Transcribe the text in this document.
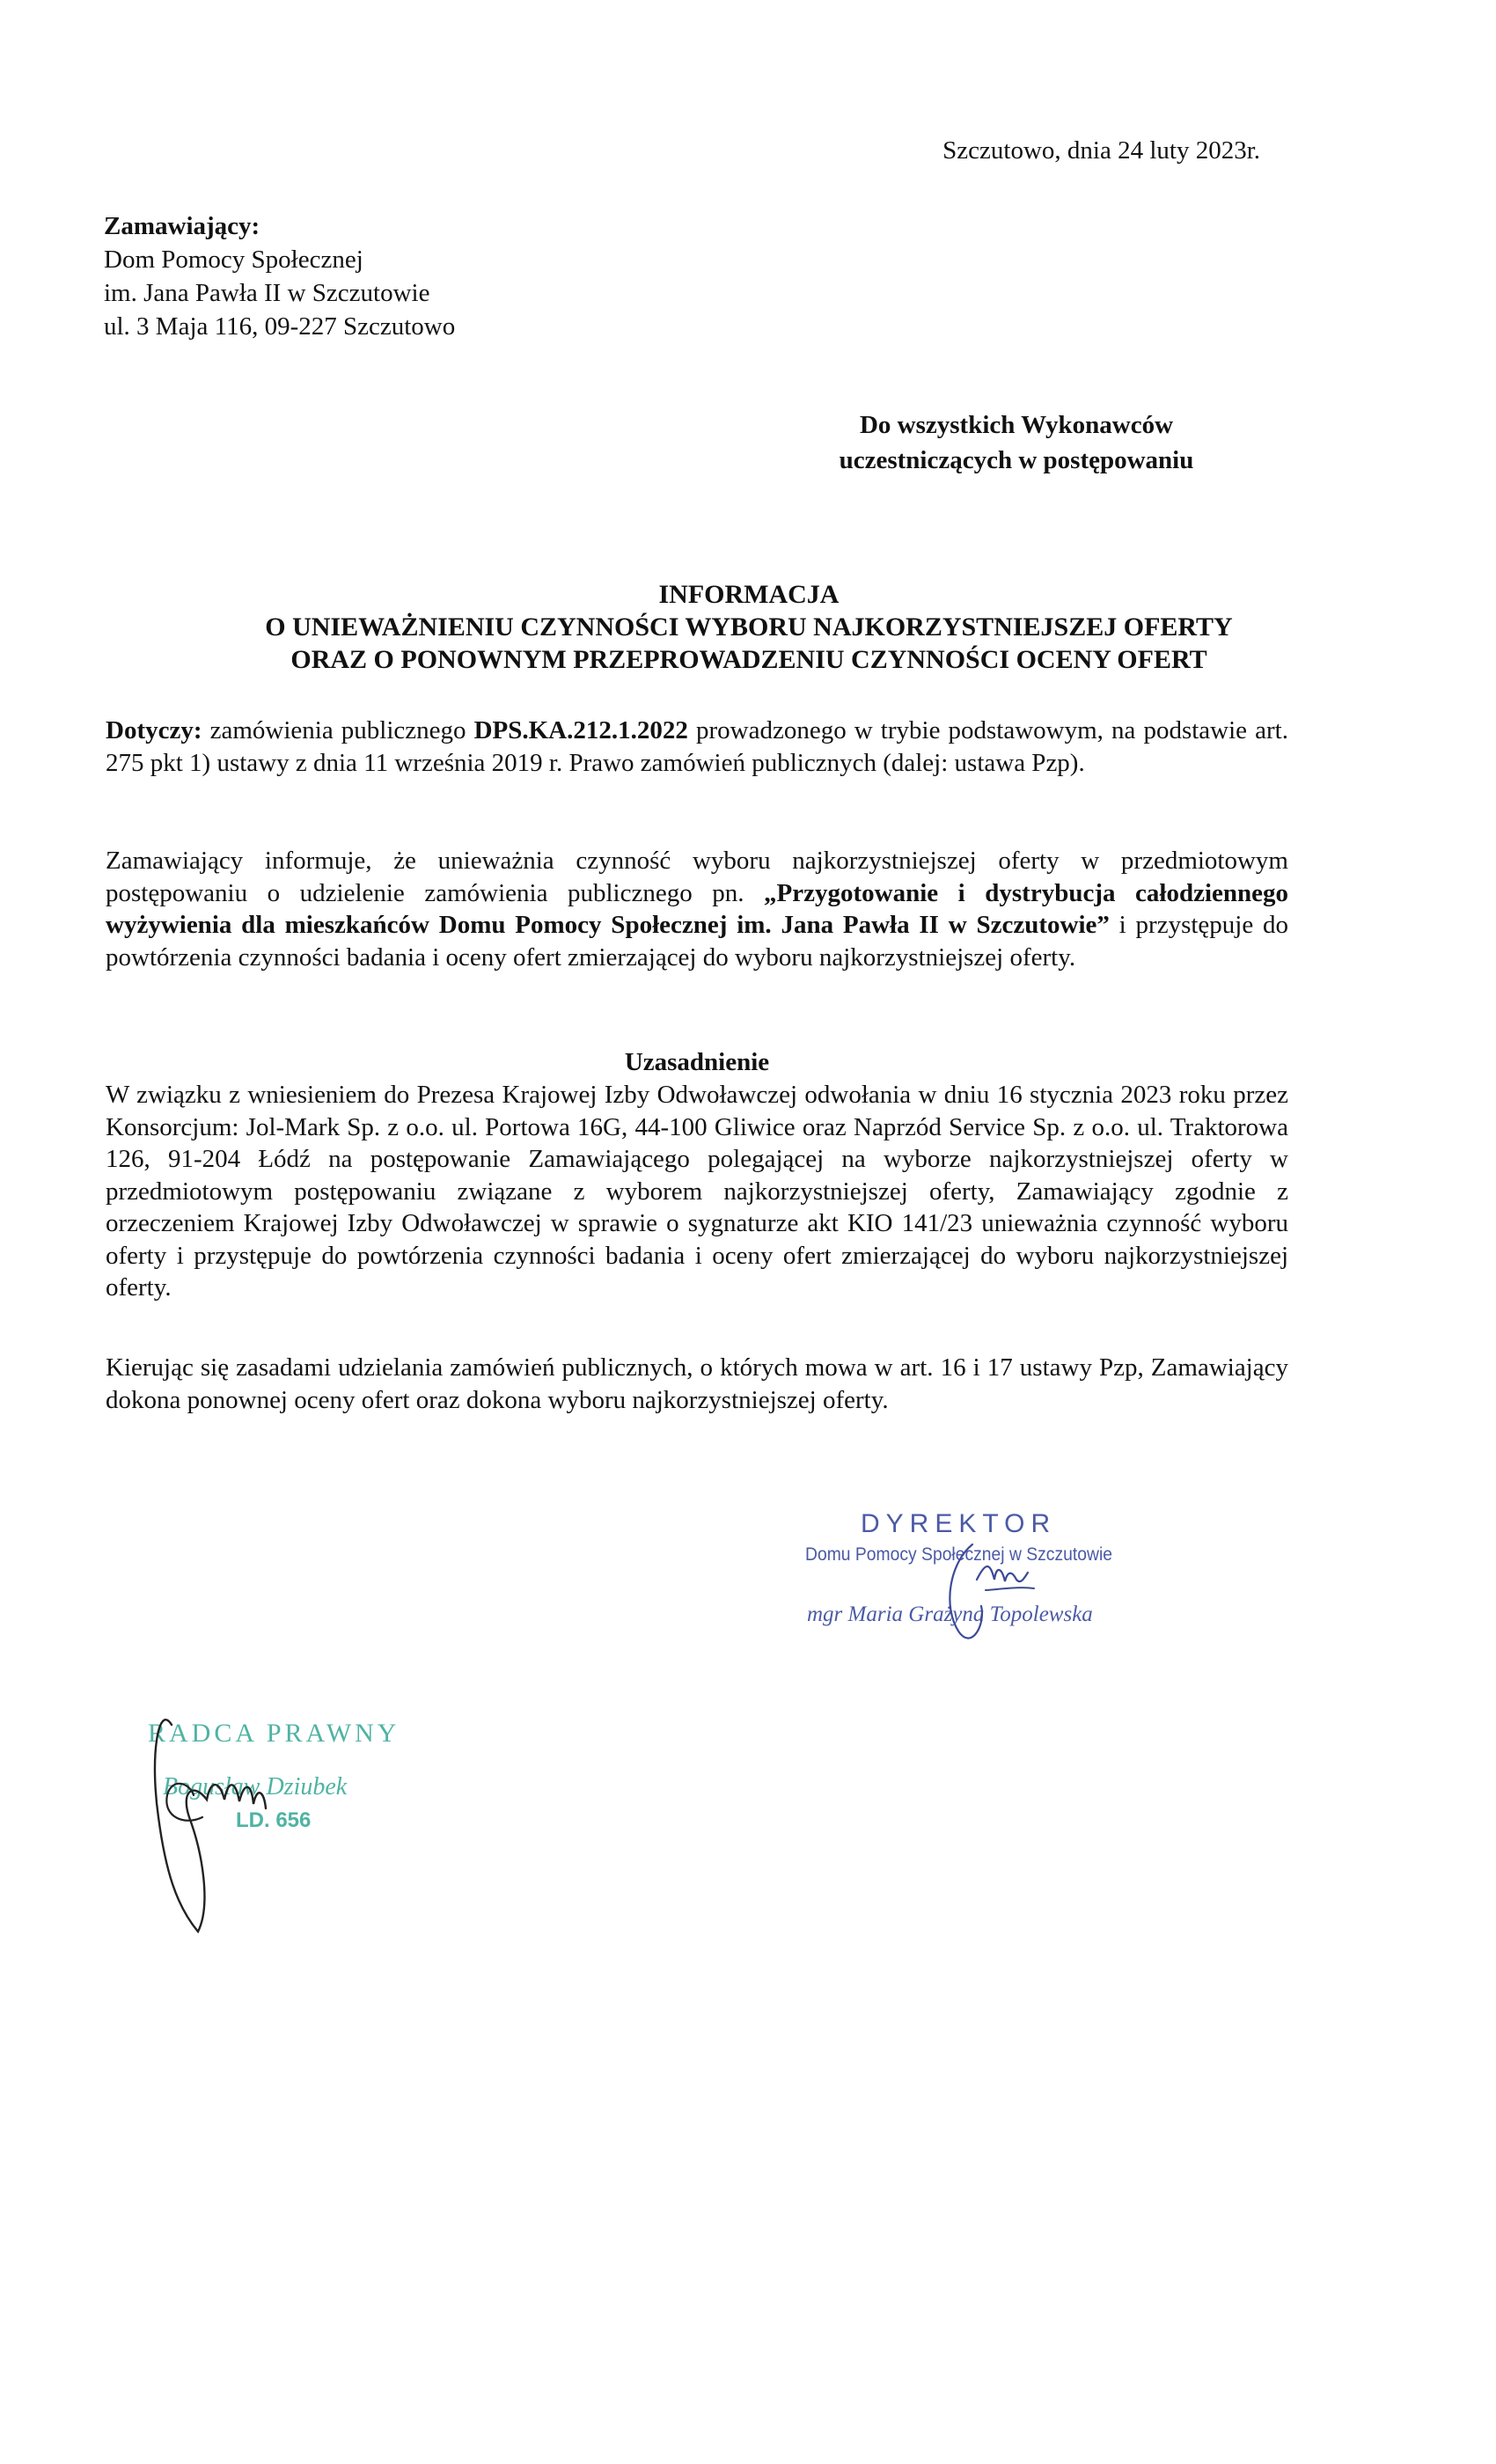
Szczutowo, dnia 24 luty 2023r.
Zamawiający:
Dom Pomocy Społecznej
im. Jana Pawła II w Szczutowie
ul. 3 Maja 116, 09-227 Szczutowo
Do wszystkich Wykonawców
uczestniczących w postępowaniu
INFORMACJA
O UNIEWAŻNIENIU CZYNNOŚCI WYBORU NAJKORZYSTNIEJSZEJ OFERTY
ORAZ O PONOWNYM PRZEPROWADZENIU CZYNNOŚCI OCENY OFERT
Dotyczy: zamówienia publicznego DPS.KA.212.1.2022 prowadzonego w trybie podstawowym, na podstawie art. 275 pkt 1) ustawy z dnia 11 września 2019 r. Prawo zamówień publicznych (dalej: ustawa Pzp).
Zamawiający informuje, że unieważnia czynność wyboru najkorzystniejszej oferty w przedmiotowym postępowaniu o udzielenie zamówienia publicznego pn. „Przygotowanie i dystrybucja całodziennego wyżywienia dla mieszkańców Domu Pomocy Społecznej im. Jana Pawła II w Szczutowie” i przystępuje do powtórzenia czynności badania i oceny ofert zmierzającej do wyboru najkorzystniejszej oferty.
Uzasadnienie
W związku z wniesieniem do Prezesa Krajowej Izby Odwoławczej odwołania w dniu 16 stycznia 2023 roku przez Konsorcjum: Jol-Mark Sp. z o.o. ul. Portowa 16G, 44-100 Gliwice oraz Naprzód Service Sp. z o.o. ul. Traktorowa 126, 91-204 Łódź na postępowanie Zamawiającego polegającej na wyborze najkorzystniejszej oferty w przedmiotowym postępowaniu związane z wyborem najkorzystniejszej oferty, Zamawiający zgodnie z orzeczeniem Krajowej Izby Odwoławczej w sprawie o sygnaturze akt KIO 141/23 unieważnia czynność wyboru oferty i przystępuje do powtórzenia czynności badania i oceny ofert zmierzającej do wyboru najkorzystniejszej oferty.
Kierując się zasadami udzielania zamówień publicznych, o których mowa w art. 16 i 17 ustawy Pzp, Zamawiający dokona ponownej oceny ofert oraz dokona wyboru najkorzystniejszej oferty.
DYREKTOR
Domu Pomocy Społecznej w Szczutowie
mgr Maria Grażyna Topolewska
RADCA PRAWNY
Bogusław Dziubek
LD. 656
